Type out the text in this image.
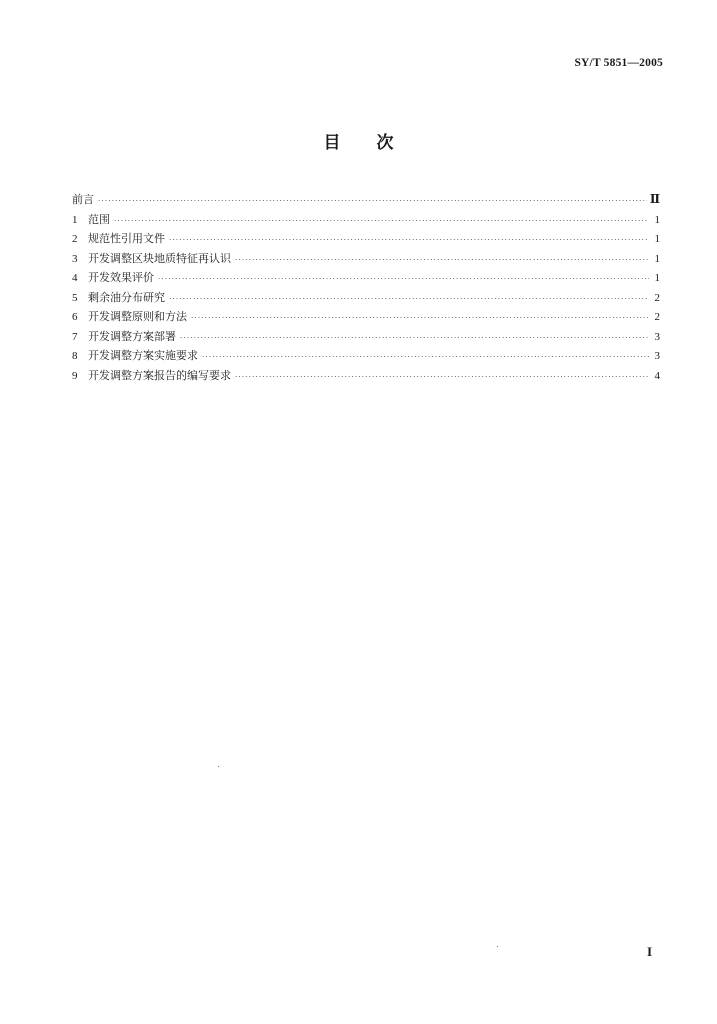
SY/T 5851—2005
目 次
前言 ·····	Ⅱ
1 范围 ·····	1
2 规范性引用文件 ·····	1
3 开发调整区块地质特征再认识 ·····	1
4 开发效果评价 ·····	1
5 剩余油分布研究 ·····	2
6 开发调整原则和方法 ·····	2
7 开发调整方案部署 ·····	3
8 开发调整方案实施要求 ·····	3
9 开发调整方案报告的编写要求 ·····	4
I
